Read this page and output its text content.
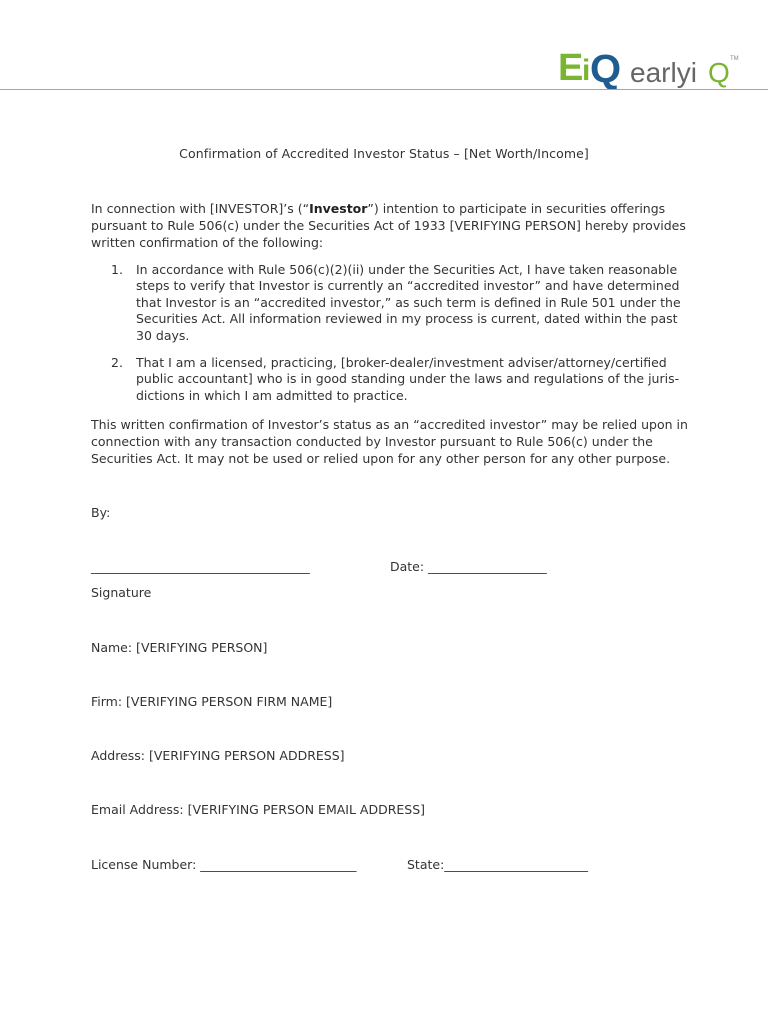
E
i Q earlyi Q TM
Confirmation of Accredited Investor Status – [Net Worth/Income]

In connection with [INVESTOR]’s (“Investor”) intention to participate in securities offerings pursuant to Rule 506(c) under the Securities Act of 1933 [VERIFYING PERSON] hereby provides written confirmation of the following:

1.	In accordance with Rule 506(c)(2)(ii) under the Securities Act, I have taken reasonable steps to verify that Investor is currently an “accredited investor” and have determined that Investor is an “accredited investor,” as such term is defined in Rule 501 under the Securities Act. All information reviewed in my process is current, dated within the past 30 days.
2.	That I am a licensed, practicing, [broker-dealer/investment adviser/attorney/certified public accountant] who is in good standing under the laws and regulations of the juris-dictions in which I am admitted to practice.

This written confirmation of Investor’s status as an “accredited investor” may be relied upon in connection with any transaction conducted by Investor pursuant to Rule 506(c) under the Securities Act. It may not be used or relied upon for any other person for any other purpose.

By:
___________________________________	Date: ___________________
Signature
Name: [VERIFYING PERSON]
Firm: [VERIFYING PERSON FIRM NAME]
Address: [VERIFYING PERSON ADDRESS]
Email Address: [VERIFYING PERSON EMAIL ADDRESS]
License Number: _________________________	State:_______________________
